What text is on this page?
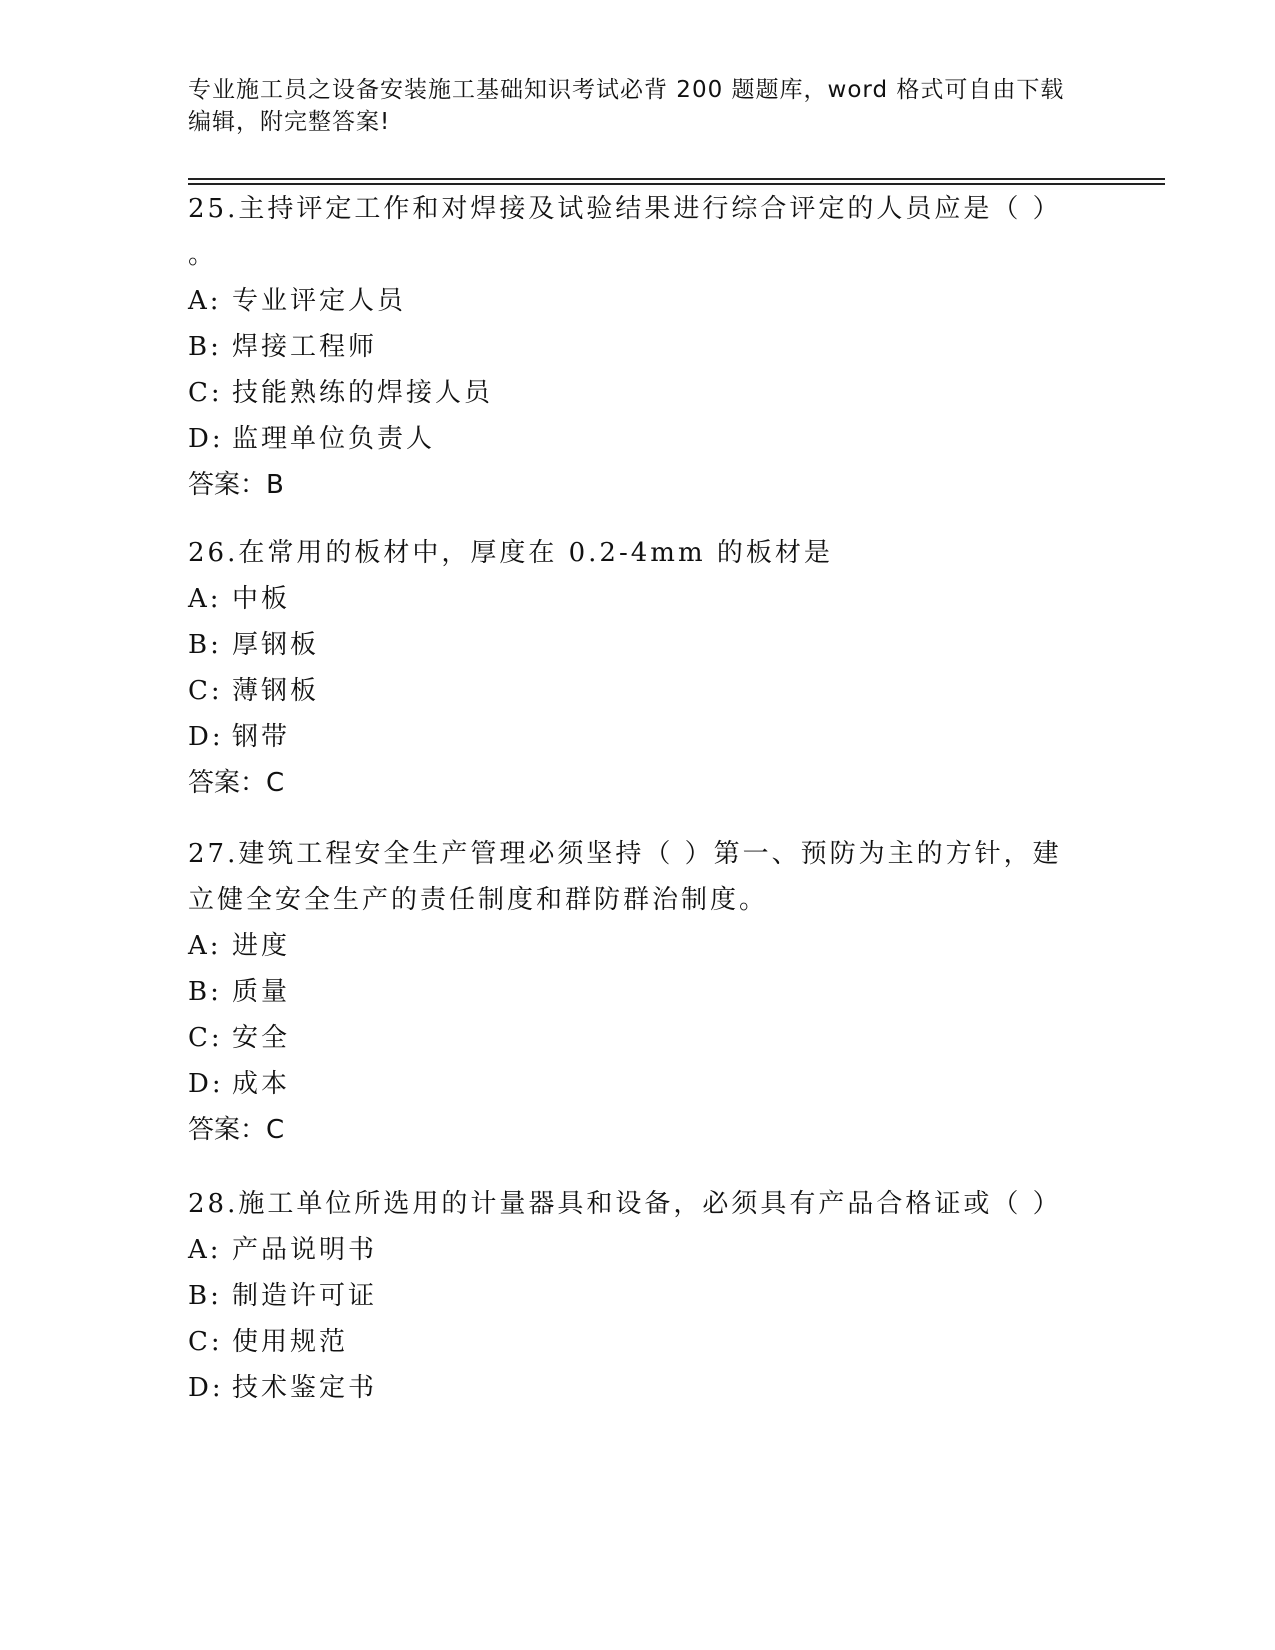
专业施工员之设备安装施工基础知识考试必背 200 题题库，word 格式可自由下载
编辑，附完整答案!

25.主持评定工作和对焊接及试验结果进行综合评定的人员应是（ ）

。

A: 专业评定人员
B: 焊接工程师
C: 技能熟练的焊接人员
D: 监理单位负责人

答案：B

26.在常用的板材中，厚度在 0.2-4mm 的板材是

A: 中板
B: 厚钢板
C: 薄钢板
D: 钢带

答案：C

27.建筑工程安全生产管理必须坚持（ ）第一、预防为主的方针，建

立健全安全生产的责任制度和群防群治制度。

A: 进度
B: 质量
C: 安全
D: 成本

答案：C

28.施工单位所选用的计量器具和设备，必须具有产品合格证或（ ）

A: 产品说明书
B: 制造许可证
C: 使用规范
D: 技术鉴定书
